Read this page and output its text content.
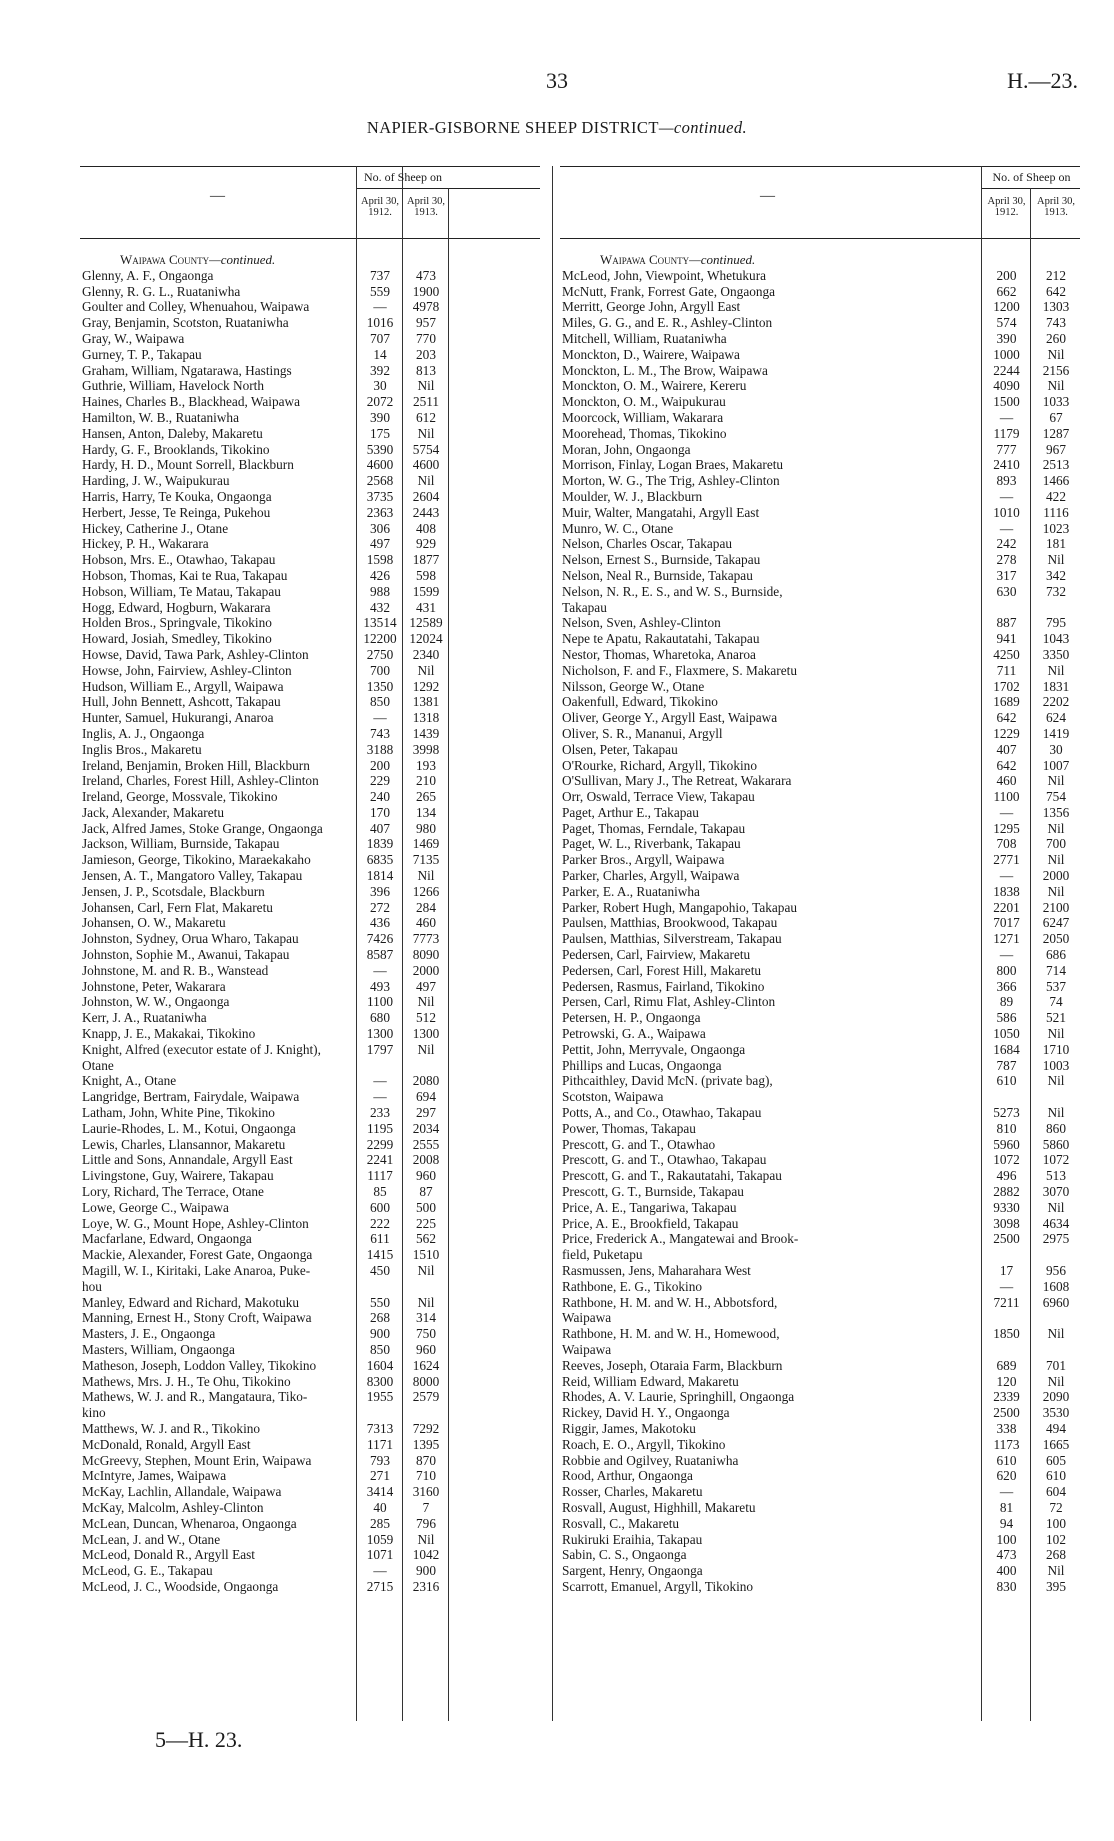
33	H.—23.
NAPIER-GISBORNE SHEEP DISTRICT—continued.
—
No. of Sheep on
April 30, 1912.
April 30, 1913.
Waipawa County—continued.
Glenny, A. F., Ongaonga	737	473
Glenny, R. G. L., Ruataniwha	559	1900
Goulter and Colley, Whenuahou, Waipawa	—	4978
Gray, Benjamin, Scotston, Ruataniwha	1016	957
Gray, W., Waipawa	707	770
Gurney, T. P., Takapau	14	203
Graham, William, Ngatarawa, Hastings	392	813
Guthrie, William, Havelock North	30	Nil
Haines, Charles B., Blackhead, Waipawa	2072	2511
Hamilton, W. B., Ruataniwha	390	612
Hansen, Anton, Daleby, Makaretu	175	Nil
Hardy, G. F., Brooklands, Tikokino	5390	5754
Hardy, H. D., Mount Sorrell, Blackburn	4600	4600
Harding, J. W., Waipukurau	2568	Nil
Harris, Harry, Te Kouka, Ongaonga	3735	2604
Herbert, Jesse, Te Reinga, Pukehou	2363	2443
Hickey, Catherine J., Otane	306	408
Hickey, P. H., Wakarara	497	929
Hobson, Mrs. E., Otawhao, Takapau	1598	1877
Hobson, Thomas, Kai te Rua, Takapau	426	598
Hobson, William, Te Matau, Takapau	988	1599
Hogg, Edward, Hogburn, Wakarara	432	431
Holden Bros., Springvale, Tikokino	13514 12589
Howard, Josiah, Smedley, Tikokino	12200 12024
Howse, David, Tawa Park, Ashley-Clinton	2750	2340
Howse, John, Fairview, Ashley-Clinton	700	Nil
Hudson, William E., Argyll, Waipawa	1350	1292
Hull, John Bennett, Ashcott, Takapau	850	1381
Hunter, Samuel, Hukurangi, Anaroa	—	1318
Inglis, A. J., Ongaonga	743	1439
Inglis Bros., Makaretu	3188	3998
Ireland, Benjamin, Broken Hill, Blackburn	200	193
Ireland, Charles, Forest Hill, Ashley-Clinton	229	210
Ireland, George, Mossvale, Tikokino	240	265
Jack, Alexander, Makaretu	170	134
Jack, Alfred James, Stoke Grange, Ongaonga	407	980
Jackson, William, Burnside, Takapau	1839	1469
Jamieson, George, Tikokino, Maraekakaho	6835	7135
Jensen, A. T., Mangatoro Valley, Takapau	1814	Nil
Jensen, J. P., Scotsdale, Blackburn	396	1266
Johansen, Carl, Fern Flat, Makaretu	272	284
Johansen, O. W., Makaretu	436	460
Johnston, Sydney, Orua Wharo, Takapau	7426	7773
Johnston, Sophie M., Awanui, Takapau	8587	8090
Johnstone, M. and R. B., Wanstead	—	2000
Johnstone, Peter, Wakarara	493	497
Johnston, W. W., Ongaonga	1100	Nil
Kerr, J. A., Ruataniwha	680	512
Knapp, J. E., Makakai, Tikokino	1300	1300
Knight, Alfred (executor estate of J. Knight),	1797	Nil
Otane
Knight, A., Otane	—	2080
Langridge, Bertram, Fairydale, Waipawa	—	694
Latham, John, White Pine, Tikokino	233	297
Laurie-Rhodes, L. M., Kotui, Ongaonga	1195	2034
Lewis, Charles, Llansannor, Makaretu	2299	2555
Little and Sons, Annandale, Argyll East	2241	2008
Livingstone, Guy, Wairere, Takapau	1117	960
Lory, Richard, The Terrace, Otane	85	87
Lowe, George C., Waipawa	600	500
Loye, W. G., Mount Hope, Ashley-Clinton	222	225
Macfarlane, Edward, Ongaonga	611	562
Mackie, Alexander, Forest Gate, Ongaonga	1415	1510
Magill, W. I., Kiritaki, Lake Anaroa, Puke-	450	Nil
hou
Manley, Edward and Richard, Makotuku	550	Nil
Manning, Ernest H., Stony Croft, Waipawa	268	314
Masters, J. E., Ongaonga	900	750
Masters, William, Ongaonga	850	960
Matheson, Joseph, Loddon Valley, Tikokino	1604	1624
Mathews, Mrs. J. H., Te Ohu, Tikokino	8300	8000
Mathews, W. J. and R., Mangataura, Tiko-	1955	2579
kino
Matthews, W. J. and R., Tikokino	7313	7292
McDonald, Ronald, Argyll East	1171	1395
McGreevy, Stephen, Mount Erin, Waipawa	793	870
McIntyre, James, Waipawa	271	710
McKay, Lachlin, Allandale, Waipawa	3414	3160
McKay, Malcolm, Ashley-Clinton	40	7
McLean, Duncan, Whenaroa, Ongaonga	285	796
McLean, J. and W., Otane	1059	Nil
McLeod, Donald R., Argyll East	1071	1042
McLeod, G. E., Takapau	—	900
McLeod, J. C., Woodside, Ongaonga	2715	2316
—
No. of Sheep on
April 30, 1912.
April 30, 1913.
Waipawa County—continued.
McLeod, John, Viewpoint, Whetukura	200	212
McNutt, Frank, Forrest Gate, Ongaonga	662	642
Merritt, George John, Argyll East	1200	1303
Miles, G. G., and E. R., Ashley-Clinton	574	743
Mitchell, William, Ruataniwha	390	260
Monckton, D., Wairere, Waipawa	1000	Nil
Monckton, L. M., The Brow, Waipawa	2244	2156
Monckton, O. M., Wairere, Kereru	4090	Nil
Monckton, O. M., Waipukurau	1500	1033
Moorcock, William, Wakarara	—	67
Moorehead, Thomas, Tikokino	1179	1287
Moran, John, Ongaonga	777	967
Morrison, Finlay, Logan Braes, Makaretu	2410	2513
Morton, W. G., The Trig, Ashley-Clinton	893	1466
Moulder, W. J., Blackburn	—	422
Muir, Walter, Mangatahi, Argyll East	1010	1116
Munro, W. C., Otane	—	1023
Nelson, Charles Oscar, Takapau	242	181
Nelson, Ernest S., Burnside, Takapau	278	Nil
Nelson, Neal R., Burnside, Takapau	317	342
Nelson, N. R., E. S., and W. S., Burnside,	630	732
Takapau
Nelson, Sven, Ashley-Clinton	887	795
Nepe te Apatu, Rakautatahi, Takapau	941	1043
Nestor, Thomas, Wharetoka, Anaroa	4250	3350
Nicholson, F. and F., Flaxmere, S. Makaretu	711	Nil
Nilsson, George W., Otane	1702	1831
Oakenfull, Edward, Tikokino	1689	2202
Oliver, George Y., Argyll East, Waipawa	642	624
Oliver, S. R., Mananui, Argyll	1229	1419
Olsen, Peter, Takapau	407	30
O'Rourke, Richard, Argyll, Tikokino	642	1007
O'Sullivan, Mary J., The Retreat, Wakarara	460	Nil
Orr, Oswald, Terrace View, Takapau	1100	754
Paget, Arthur E., Takapau	—	1356
Paget, Thomas, Ferndale, Takapau	1295	Nil
Paget, W. L., Riverbank, Takapau	708	700
Parker Bros., Argyll, Waipawa	2771	Nil
Parker, Charles, Argyll, Waipawa	—	2000
Parker, E. A., Ruataniwha	1838	Nil
Parker, Robert Hugh, Mangapohio, Takapau	2201	2100
Paulsen, Matthias, Brookwood, Takapau	7017	6247
Paulsen, Matthias, Silverstream, Takapau	1271	2050
Pedersen, Carl, Fairview, Makaretu	—	686
Pedersen, Carl, Forest Hill, Makaretu	800	714
Pedersen, Rasmus, Fairland, Tikokino	366	537
Persen, Carl, Rimu Flat, Ashley-Clinton	89	74
Petersen, H. P., Ongaonga	586	521
Petrowski, G. A., Waipawa	1050	Nil
Pettit, John, Merryvale, Ongaonga	1684	1710
Phillips and Lucas, Ongaonga	787	1003
Pithcaithley, David McN. (private bag),	610	Nil
Scotston, Waipawa
Potts, A., and Co., Otawhao, Takapau	5273	Nil
Power, Thomas, Takapau	810	860
Prescott, G. and T., Otawhao	5960	5860
Prescott, G. and T., Otawhao, Takapau	1072	1072
Prescott, G. and T., Rakautatahi, Takapau	496	513
Prescott, G. T., Burnside, Takapau	2882	3070
Price, A. E., Tangariwa, Takapau	9330	Nil
Price, A. E., Brookfield, Takapau	3098	4634
Price, Frederick A., Mangatewai and Brook-	2500	2975
field, Puketapu
Rasmussen, Jens, Maharahara West	17	956
Rathbone, E. G., Tikokino	—	1608
Rathbone, H. M. and W. H., Abbotsford,	7211	6960
Waipawa
Rathbone, H. M. and W. H., Homewood,	1850	Nil
Waipawa
Reeves, Joseph, Otaraia Farm, Blackburn	689	701
Reid, William Edward, Makaretu	120	Nil
Rhodes, A. V. Laurie, Springhill, Ongaonga	2339	2090
Rickey, David H. Y., Ongaonga	2500	3530
Riggir, James, Makotoku	338	494
Roach, E. O., Argyll, Tikokino	1173	1665
Robbie and Ogilvey, Ruataniwha	610	605
Rood, Arthur, Ongaonga	620	610
Rosser, Charles, Makaretu	—	604
Rosvall, August, Highhill, Makaretu	81	72
Rosvall, C., Makaretu	94	100
Rukiruki Eraihia, Takapau	100	102
Sabin, C. S., Ongaonga	473	268
Sargent, Henry, Ongaonga	400	Nil
Scarrott, Emanuel, Argyll, Tikokino	830	395
5—H. 23.
